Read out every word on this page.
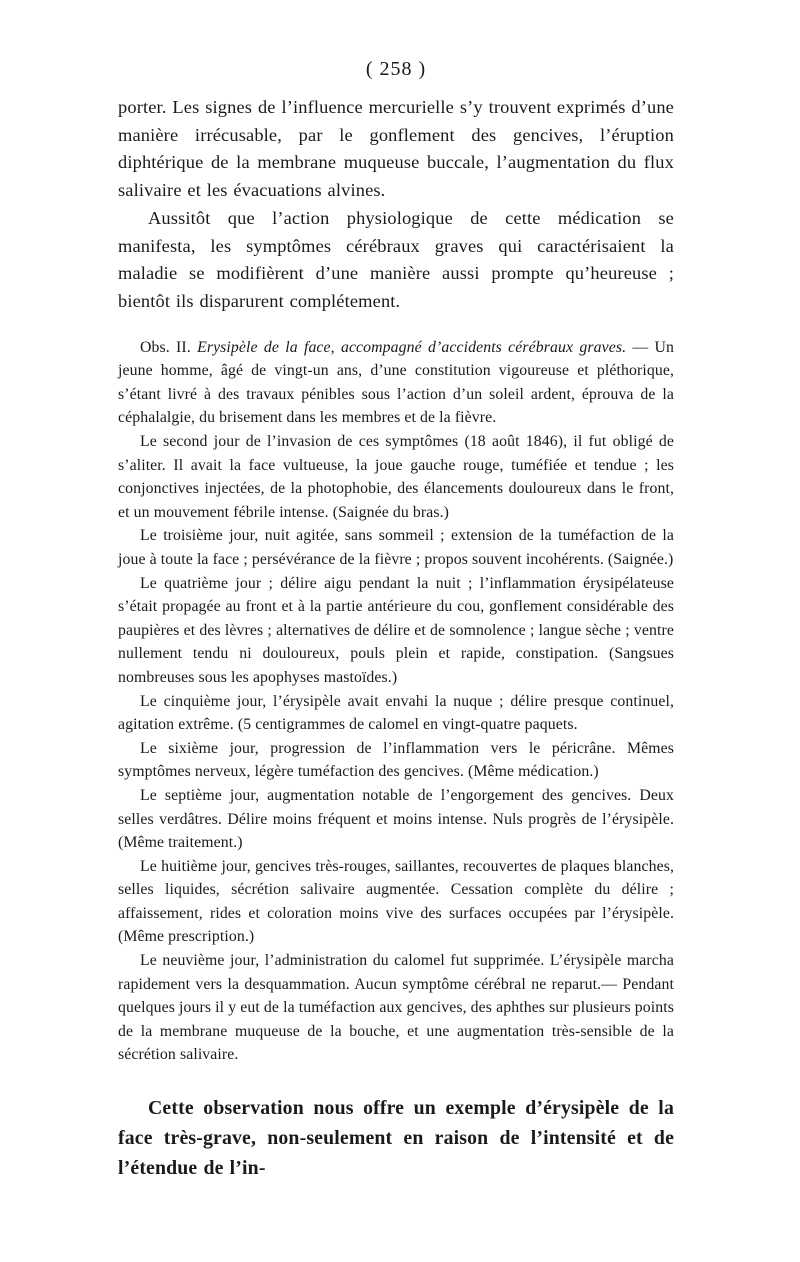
( 258 )

porter. Les signes de l’influence mercurielle s’y trouvent exprimés d’une manière irrécusable, par le gonflement des gencives, l’éruption diphtérique de la membrane muqueuse buccale, l’augmentation du flux salivaire et les évacuations alvines.

Aussitôt que l’action physiologique de cette médication se manifesta, les symptômes cérébraux graves qui caractérisaient la maladie se modifièrent d’une manière aussi prompte qu’heureuse ; bientôt ils disparurent complétement.

Obs. II. Erysipèle de la face, accompagné d’accidents cérébraux graves. — Un jeune homme, âgé de vingt-un ans, d’une constitution vigoureuse et pléthorique, s’étant livré à des travaux pénibles sous l’action d’un soleil ardent, éprouva de la céphalalgie, du brisement dans les membres et de la fièvre.

Le second jour de l’invasion de ces symptômes (18 août 1846), il fut obligé de s’aliter. Il avait la face vultueuse, la joue gauche rouge, tuméfiée et tendue ; les conjonctives injectées, de la photophobie, des élancements douloureux dans le front, et un mouvement fébrile intense. (Saignée du bras.)

Le troisième jour, nuit agitée, sans sommeil ; extension de la tuméfaction de la joue à toute la face ; persévérance de la fièvre ; propos souvent incohérents. (Saignée.)

Le quatrième jour ; délire aigu pendant la nuit ; l’inflammation érysipélateuse s’était propagée au front et à la partie antérieure du cou, gonflement considérable des paupières et des lèvres ; alternatives de délire et de somnolence ; langue sèche ; ventre nullement tendu ni douloureux, pouls plein et rapide, constipation. (Sangsues nombreuses sous les apophyses mastoïdes.)

Le cinquième jour, l’érysipèle avait envahi la nuque ; délire presque continuel, agitation extrême. (5 centigrammes de calomel en vingt-quatre paquets.

Le sixième jour, progression de l’inflammation vers le péricrâne. Mêmes symptômes nerveux, légère tuméfaction des gencives. (Même médication.)

Le septième jour, augmentation notable de l’engorgement des gencives. Deux selles verdâtres. Délire moins fréquent et moins intense. Nuls progrès de l’érysipèle. (Même traitement.)

Le huitième jour, gencives très-rouges, saillantes, recouvertes de plaques blanches, selles liquides, sécrétion salivaire augmentée. Cessation complète du délire ; affaissement, rides et coloration moins vive des surfaces occupées par l’érysipèle. (Même prescription.)

Le neuvième jour, l’administration du calomel fut supprimée. L’érysipèle marcha rapidement vers la desquammation. Aucun symptôme cérébral ne reparut.— Pendant quelques jours il y eut de la tuméfaction aux gencives, des aphthes sur plusieurs points de la membrane muqueuse de la bouche, et une augmentation très-sensible de la sécrétion salivaire.

Cette observation nous offre un exemple d’érysipèle de la face très-grave, non-seulement en raison de l’intensité et de l’étendue de l’in-
